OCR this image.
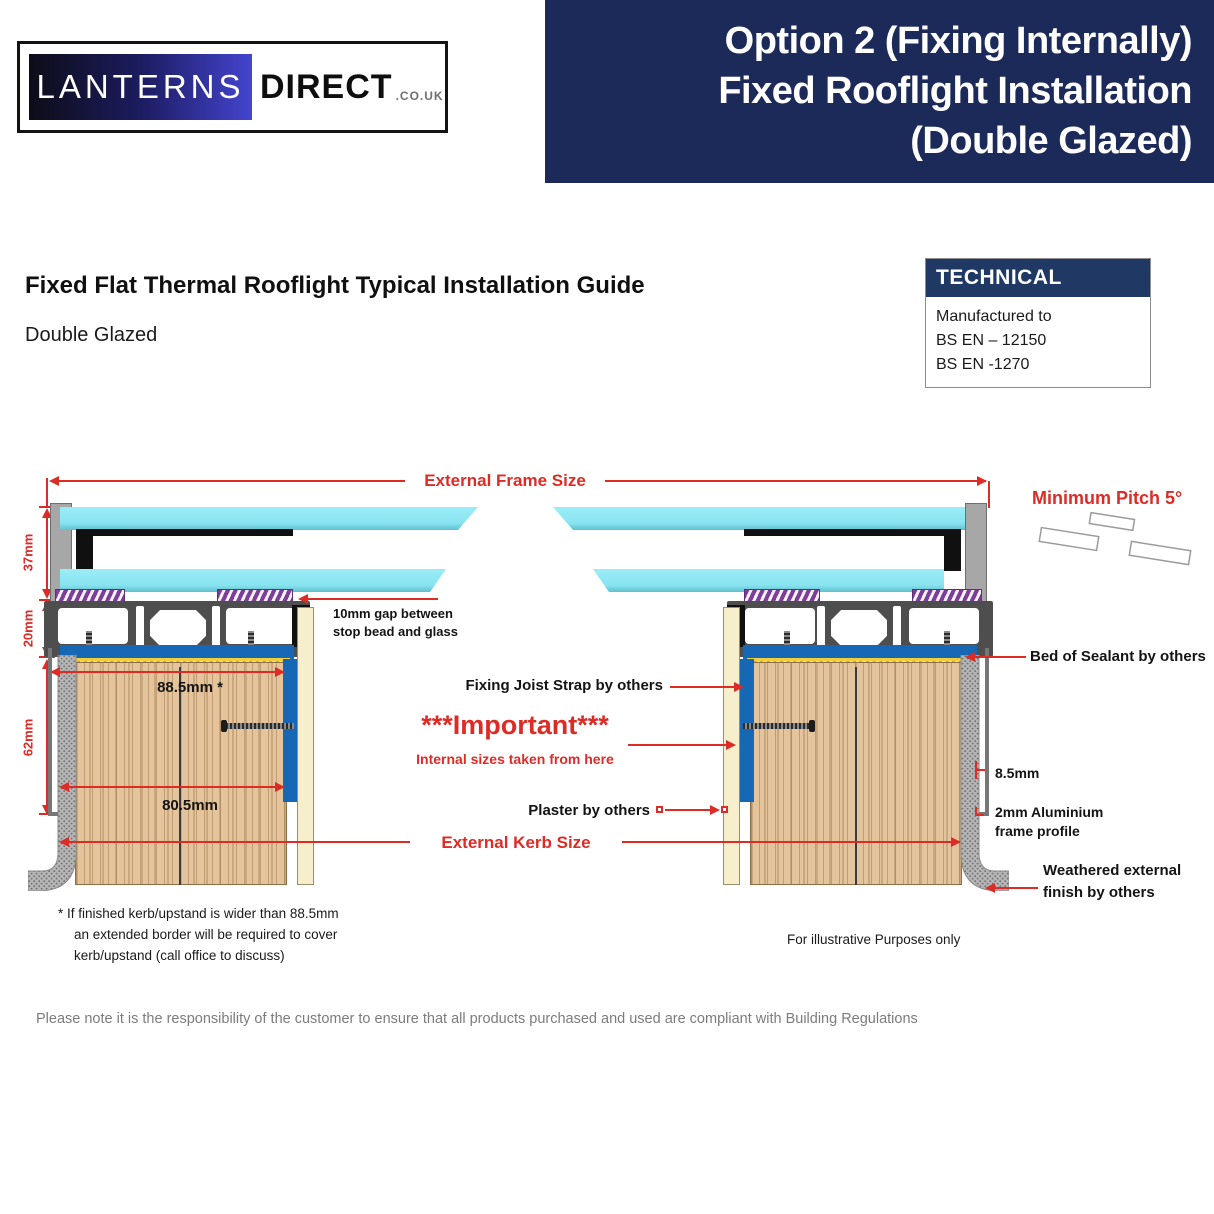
LANTERNS DIRECT .CO.UK
Option 2 (Fixing Internally)
Fixed Rooflight Installation
(Double Glazed)
Fixed Flat Thermal Rooflight Typical Installation Guide
Double Glazed
TECHNICAL
Manufactured to
BS EN – 12150
BS EN -1270
External Frame Size
37mm
20mm
62mm
Minimum Pitch 5°
10mm gap between
stop bead and glass
88.5mm *
80.5mm
External Kerb Size
Fixing Joist Strap by others
***Important***
Internal sizes taken from here
Plaster by others
Bed of Sealant by others
8.5mm
2mm Aluminium
frame profile
Weathered external
finish by others
* If finished kerb/upstand is wider than 88.5mm
an extended border will be required to cover
kerb/upstand (call office to discuss)
For illustrative Purposes only
Please note it is the responsibility of the customer to ensure that all products purchased and used are compliant with Building Regulations
